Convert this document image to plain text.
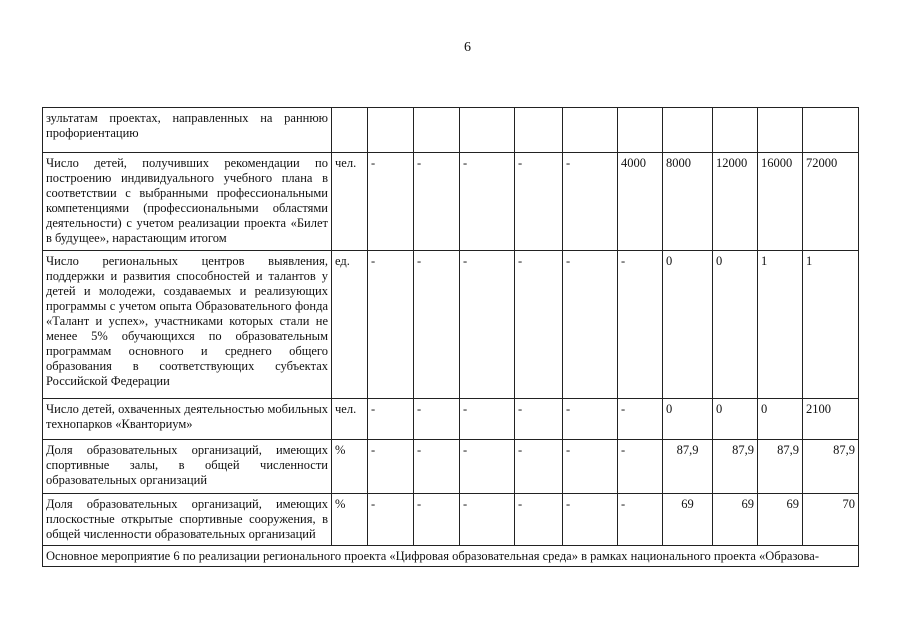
6
зультатам проектах, направленных на раннюю профориентацию											
Число детей, получивших рекомендации по построению индивидуального учебного плана в соответствии с выбранными профессиональными компетенциями (профессиональными областями деятельности) с учетом реализации проекта «Билет в будущее», нарастающим итогом	чел.	-	-	-	-	-	4000	8000	12000	16000	72000
Число региональных центров выявления, поддержки и развития способностей и талантов у детей и молодежи, создаваемых и реализующих программы с учетом опыта Образовательного фонда «Талант и успех», участниками которых стали не менее 5% обучающихся по образовательным программам основного и среднего общего образования в соответствующих субъектах Российской Федерации	ед.	-	-	-	-	-	-	0	0	1	1
Число детей, охваченных деятельностью мобильных технопарков «Кванториум»	чел.	-	-	-	-	-	-	0	0	0	2100
Доля образовательных организаций, имеющих спортивные залы, в общей численности образовательных организаций	%	-	-	-	-	-	-	87,9	87,9	87,9	87,9
Доля образовательных организаций, имеющих плоскостные открытые спортивные сооружения, в общей численности образовательных организаций	%	-	-	-	-	-	-	69	69	69	70
Основное мероприятие 6 по реализации регионального проекта «Цифровая образовательная среда» в рамках национального проекта «Образова-											
